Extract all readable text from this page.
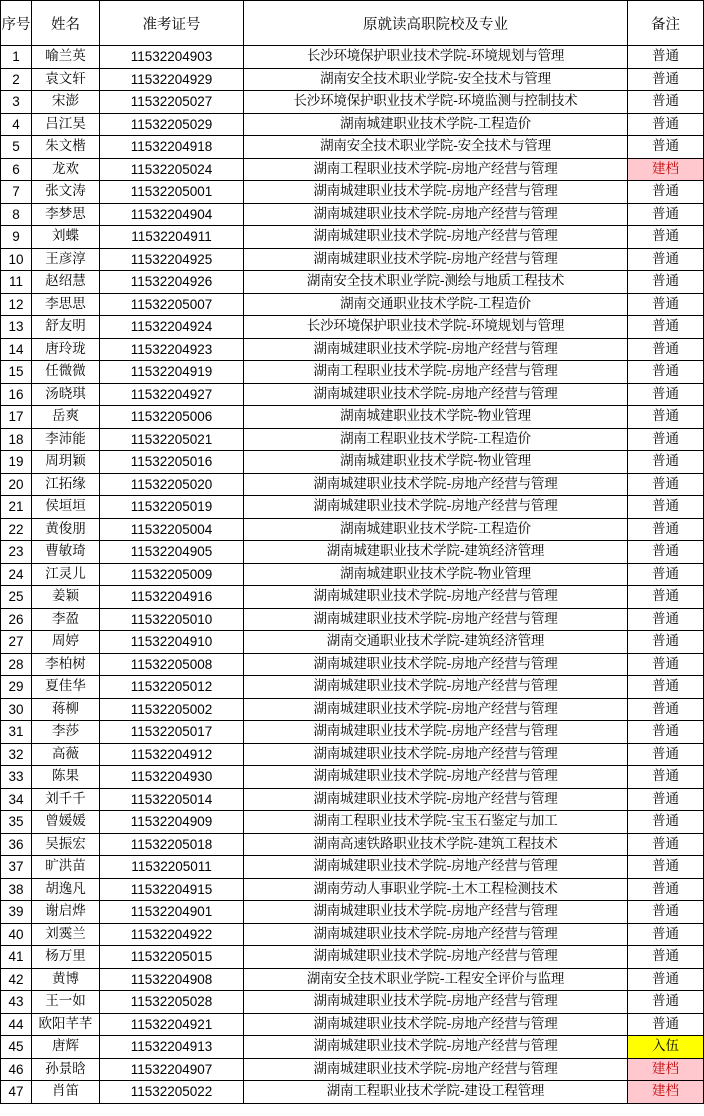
序号	姓名	准考证号	原就读高职院校及专业	备注
1	喻兰英	11532204903	长沙环境保护职业技术学院-环境规划与管理	普通
2	袁文轩	11532204929	湖南安全技术职业学院-安全技术与管理	普通
3	宋澎	11532205027	长沙环境保护职业技术学院-环境监测与控制技术	普通
4	吕江昊	11532205029	湖南城建职业技术学院-工程造价	普通
5	朱文楷	11532204918	湖南安全技术职业学院-安全技术与管理	普通
6	龙欢	11532205024	湖南工程职业技术学院-房地产经营与管理	建档
7	张文涛	11532205001	湖南城建职业技术学院-房地产经营与管理	普通
8	李梦思	11532204904	湖南城建职业技术学院-房地产经营与管理	普通
9	刘蝶	11532204911	湖南城建职业技术学院-房地产经营与管理	普通
10	王彦淳	11532204925	湖南城建职业技术学院-房地产经营与管理	普通
11	赵绍慧	11532204926	湖南安全技术职业学院-测绘与地质工程技术	普通
12	李思思	11532205007	湖南交通职业技术学院-工程造价	普通
13	舒友明	11532204924	长沙环境保护职业技术学院-环境规划与管理	普通
14	唐玲珑	11532204923	湖南城建职业技术学院-房地产经营与管理	普通
15	任微微	11532204919	湖南工程职业技术学院-房地产经营与管理	普通
16	汤晓琪	11532204927	湖南城建职业技术学院-房地产经营与管理	普通
17	岳爽	11532205006	湖南城建职业技术学院-物业管理	普通
18	李沛能	11532205021	湖南工程职业技术学院-工程造价	普通
19	周玥颖	11532205016	湖南城建职业技术学院-物业管理	普通
20	江拓缘	11532205020	湖南城建职业技术学院-房地产经营与管理	普通
21	侯垣垣	11532205019	湖南城建职业技术学院-房地产经营与管理	普通
22	黄俊朋	11532205004	湖南城建职业技术学院-工程造价	普通
23	曹敏琦	11532204905	湖南城建职业技术学院-建筑经济管理	普通
24	江灵儿	11532205009	湖南城建职业技术学院-物业管理	普通
25	姜颖	11532204916	湖南城建职业技术学院-房地产经营与管理	普通
26	李盈	11532205010	湖南城建职业技术学院-房地产经营与管理	普通
27	周婷	11532204910	湖南交通职业技术学院-建筑经济管理	普通
28	李柏树	11532205008	湖南城建职业技术学院-房地产经营与管理	普通
29	夏佳华	11532205012	湖南城建职业技术学院-房地产经营与管理	普通
30	蒋柳	11532205002	湖南城建职业技术学院-房地产经营与管理	普通
31	李莎	11532205017	湖南城建职业技术学院-房地产经营与管理	普通
32	高薇	11532204912	湖南城建职业技术学院-房地产经营与管理	普通
33	陈果	11532204930	湖南城建职业技术学院-房地产经营与管理	普通
34	刘千千	11532205014	湖南城建职业技术学院-房地产经营与管理	普通
35	曾媛媛	11532204909	湖南工程职业技术学院-宝玉石鉴定与加工	普通
36	吴振宏	11532205018	湖南高速铁路职业技术学院-建筑工程技术	普通
37	旷洪苗	11532205011	湖南城建职业技术学院-房地产经营与管理	普通
38	胡逸凡	11532204915	湖南劳动人事职业学院-土木工程检测技术	普通
39	谢启烨	11532204901	湖南城建职业技术学院-房地产经营与管理	普通
40	刘霙兰	11532204922	湖南城建职业技术学院-房地产经营与管理	普通
41	杨万里	11532205015	湖南城建职业技术学院-房地产经营与管理	普通
42	黄博	11532204908	湖南安全技术职业学院-工程安全评价与监理	普通
43	王一如	11532205028	湖南城建职业技术学院-房地产经营与管理	普通
44	欧阳芊芊	11532204921	湖南城建职业技术学院-房地产经营与管理	普通
45	唐辉	11532204913	湖南城建职业技术学院-房地产经营与管理	入伍
46	孙景晗	11532204907	湖南城建职业技术学院-房地产经营与管理	建档
47	肖笛	11532205022	湖南工程职业技术学院-建设工程管理	建档
